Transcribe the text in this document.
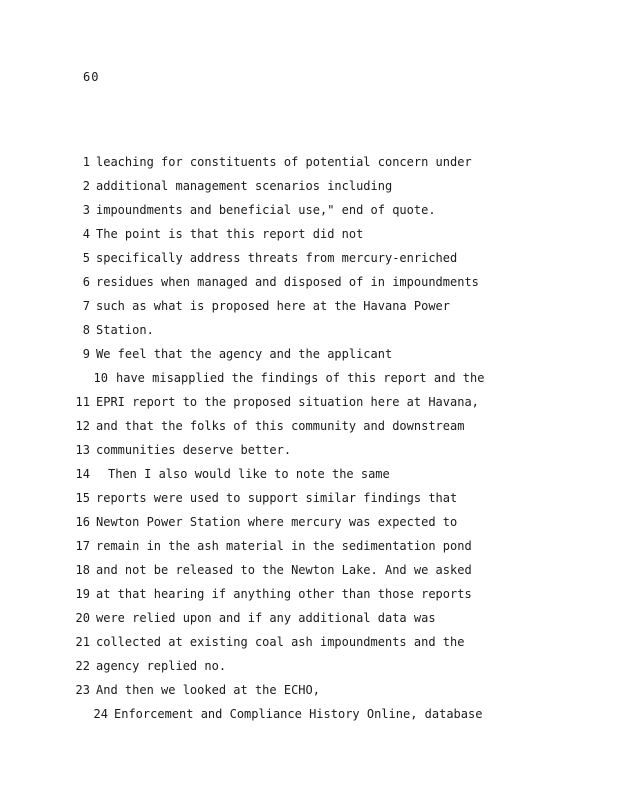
60
1 leaching for constituents of potential concern under
2 additional management scenarios including
3 impoundments and beneficial use," end of quote.
4 The point is that this report did not
5 specifically address threats from mercury-enriched
6 residues when managed and disposed of in impoundments
7 such as what is proposed here at the Havana Power
8 Station.
9 We feel that the agency and the applicant
10 have misapplied the findings of this report and the
11 EPRI report to the proposed situation here at Havana,
12 and that the folks of this community and downstream
13 communities deserve better.
14 Then I also would like to note the same
15 reports were used to support similar findings that
16 Newton Power Station where mercury was expected to
17 remain in the ash material in the sedimentation pond
18 and not be released to the Newton Lake. And we asked
19 at that hearing if anything other than those reports
20 were relied upon and if any additional data was
21 collected at existing coal ash impoundments and the
22 agency replied no.
23 And then we looked at the ECHO,
24 Enforcement and Compliance History Online, database
